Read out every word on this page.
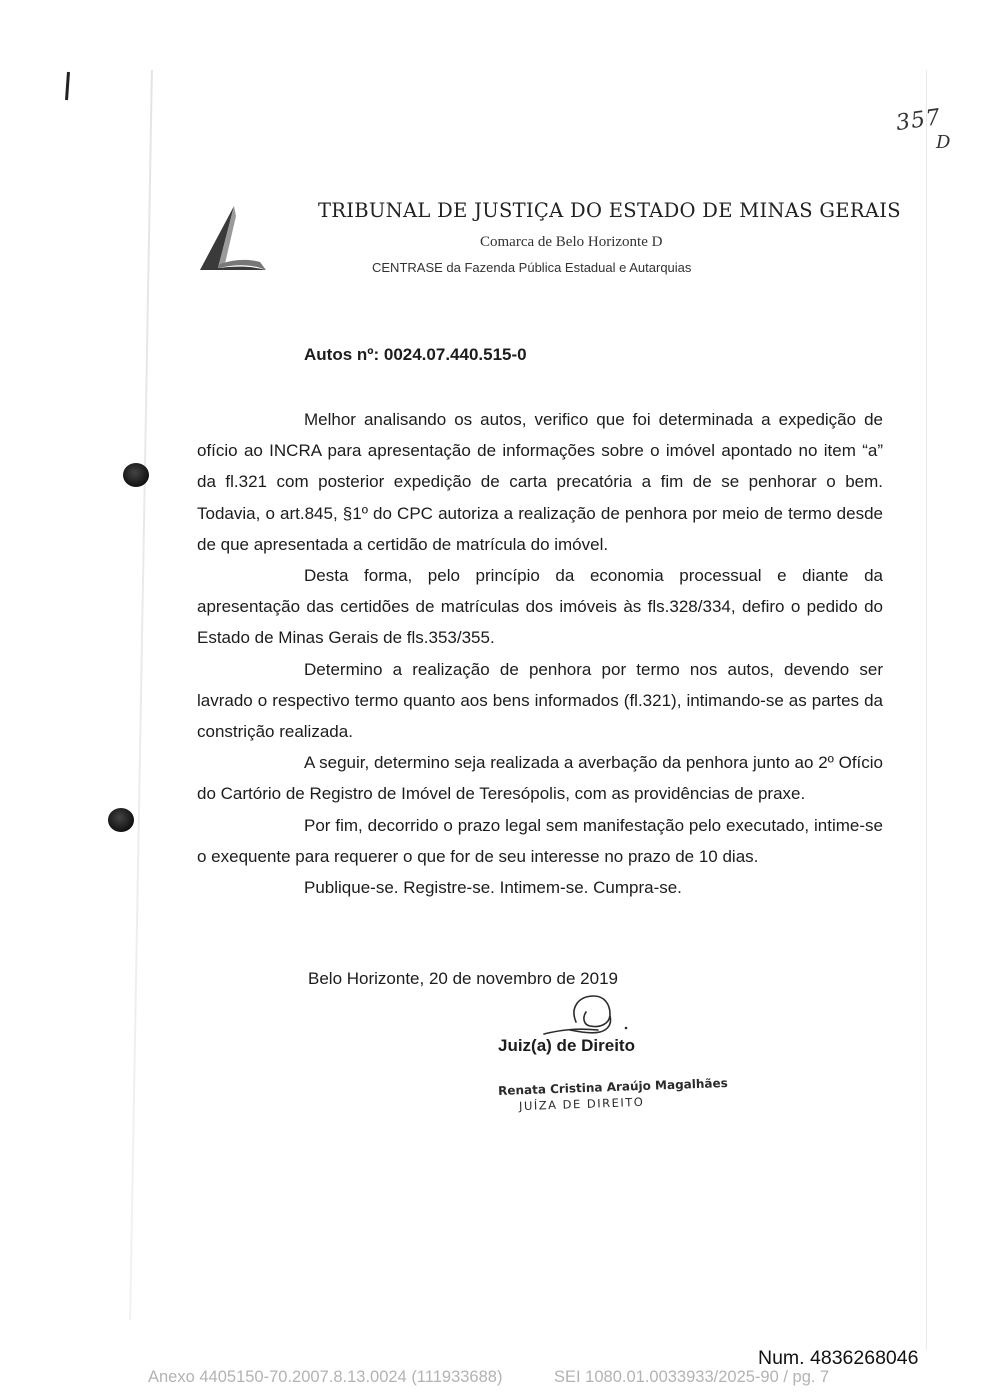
357
D
TRIBUNAL DE JUSTIÇA DO ESTADO DE MINAS GERAIS
Comarca de Belo Horizonte D
CENTRASE da Fazenda Pública Estadual e Autarquias
Autos nº: 0024.07.440.515-0

Melhor analisando os autos, verifico que foi determinada a expedição de ofício ao INCRA para apresentação de informações sobre o imóvel apontado no item “a” da fl.321 com posterior expedição de carta precatória a fim de se penhorar o bem. Todavia, o art.845, §1º do CPC autoriza a realização de penhora por meio de termo desde de que apresentada a certidão de matrícula do imóvel.

Desta forma, pelo princípio da economia processual e diante da apresentação das certidões de matrículas dos imóveis às fls.328/334, defiro o pedido do Estado de Minas Gerais de fls.353/355.

Determino a realização de penhora por termo nos autos, devendo ser lavrado o respectivo termo quanto aos bens informados (fl.321), intimando-se as partes da constrição realizada.

A seguir, determino seja realizada a averbação da penhora junto ao 2º Ofício do Cartório de Registro de Imóvel de Teresópolis, com as providências de praxe.

Por fim, decorrido o prazo legal sem manifestação pelo executado, intime-se o exequente para requerer o que for de seu interesse no prazo de 10 dias.

Publique-se. Registre-se. Intimem-se. Cumpra-se.

Belo Horizonte, 20 de novembro de 2019
Juiz(a) de Direito
Renata Cristina Araújo Magalhães
JUÍZA DE DIREITO
Num. 4836268046
Anexo 4405150-70.2007.8.13.0024 (111933688)	SEI 1080.01.0033933/2025-90 / pg. 7
